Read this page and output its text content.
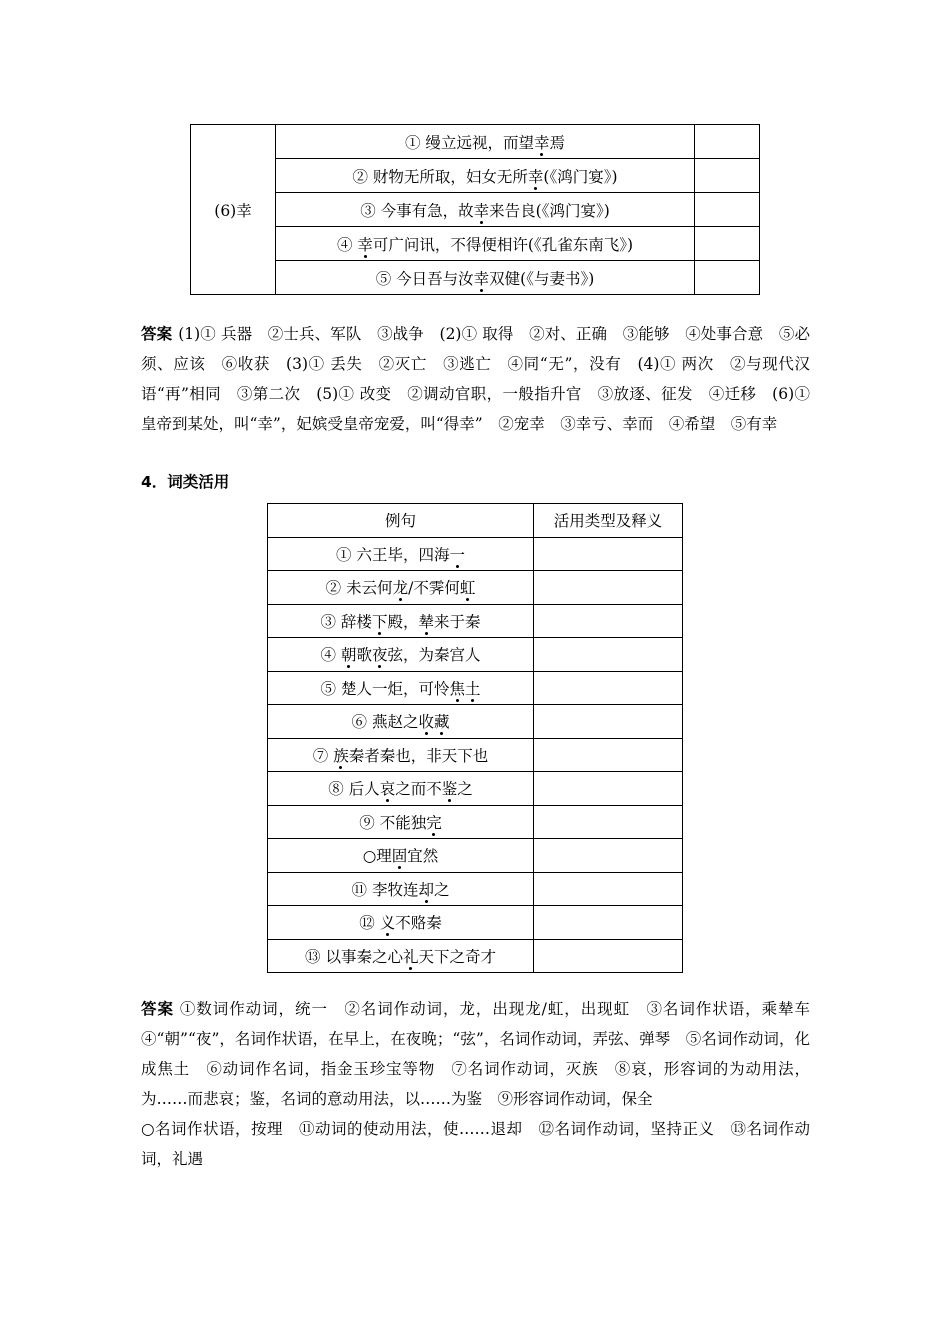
(6)幸	① 缦立远视，而望幸焉	
	② 财物无所取，妇女无所幸(《鸿门宴》)	
	③ 今事有急，故幸来告良(《鸿门宴》)	
	④ 幸可广问讯，不得便相许(《孔雀东南飞》)	
	⑤ 今日吾与汝幸双健(《与妻书》)	
答案 (1)① 兵器　②士兵、军队　③战争　(2)① 取得　②对、正确　③能够　④处事合意　⑤必须、应该　⑥收获　(3)① 丢失　②灭亡　③逃亡　④同“无”，没有　(4)① 两次　②与现代汉语“再”相同　③第二次　(5)① 改变　②调动官职，一般指升官　③放逐、征发　④迁移　(6)① 皇帝到某处，叫“幸”，妃嫔受皇帝宠爱，叫“得幸”　②宠幸　③幸亏、幸而　④希望　⑤有幸
4．词类活用
例句	活用类型及释义
① 六王毕，四海一	
② 未云何龙/不霁何虹	
③ 辞楼下殿，辇来于秦	
④ 朝歌夜弦，为秦宫人	
⑤ 楚人一炬，可怜焦土	
⑥ 燕赵之收藏	
⑦ 族秦者秦也，非天下也	
⑧ 后人哀之而不鉴之	
⑨ 不能独完	
○理固宜然	
⑪ 李牧连却之	
⑫ 义不赂秦	
⑬ 以事秦之心礼天下之奇才	
答案 ①数词作动词，统一　②名词作动词，龙，出现龙/虹，出现虹　③名词作状语，乘辇车　④“朝”“夜”，名词作状语，在早上，在夜晚；“弦”，名词作动词，弄弦、弹琴　⑤名词作动词，化成焦土　⑥动词作名词，指金玉珍宝等物　⑦名词作动词，灭族　⑧哀，形容词的为动用法，为……而悲哀；鉴，名词的意动用法，以……为鉴　⑨形容词作动词，保全
○名词作状语，按理　⑪动词的使动用法，使……退却　⑫名词作动词，坚持正义　⑬名词作动词，礼遇
